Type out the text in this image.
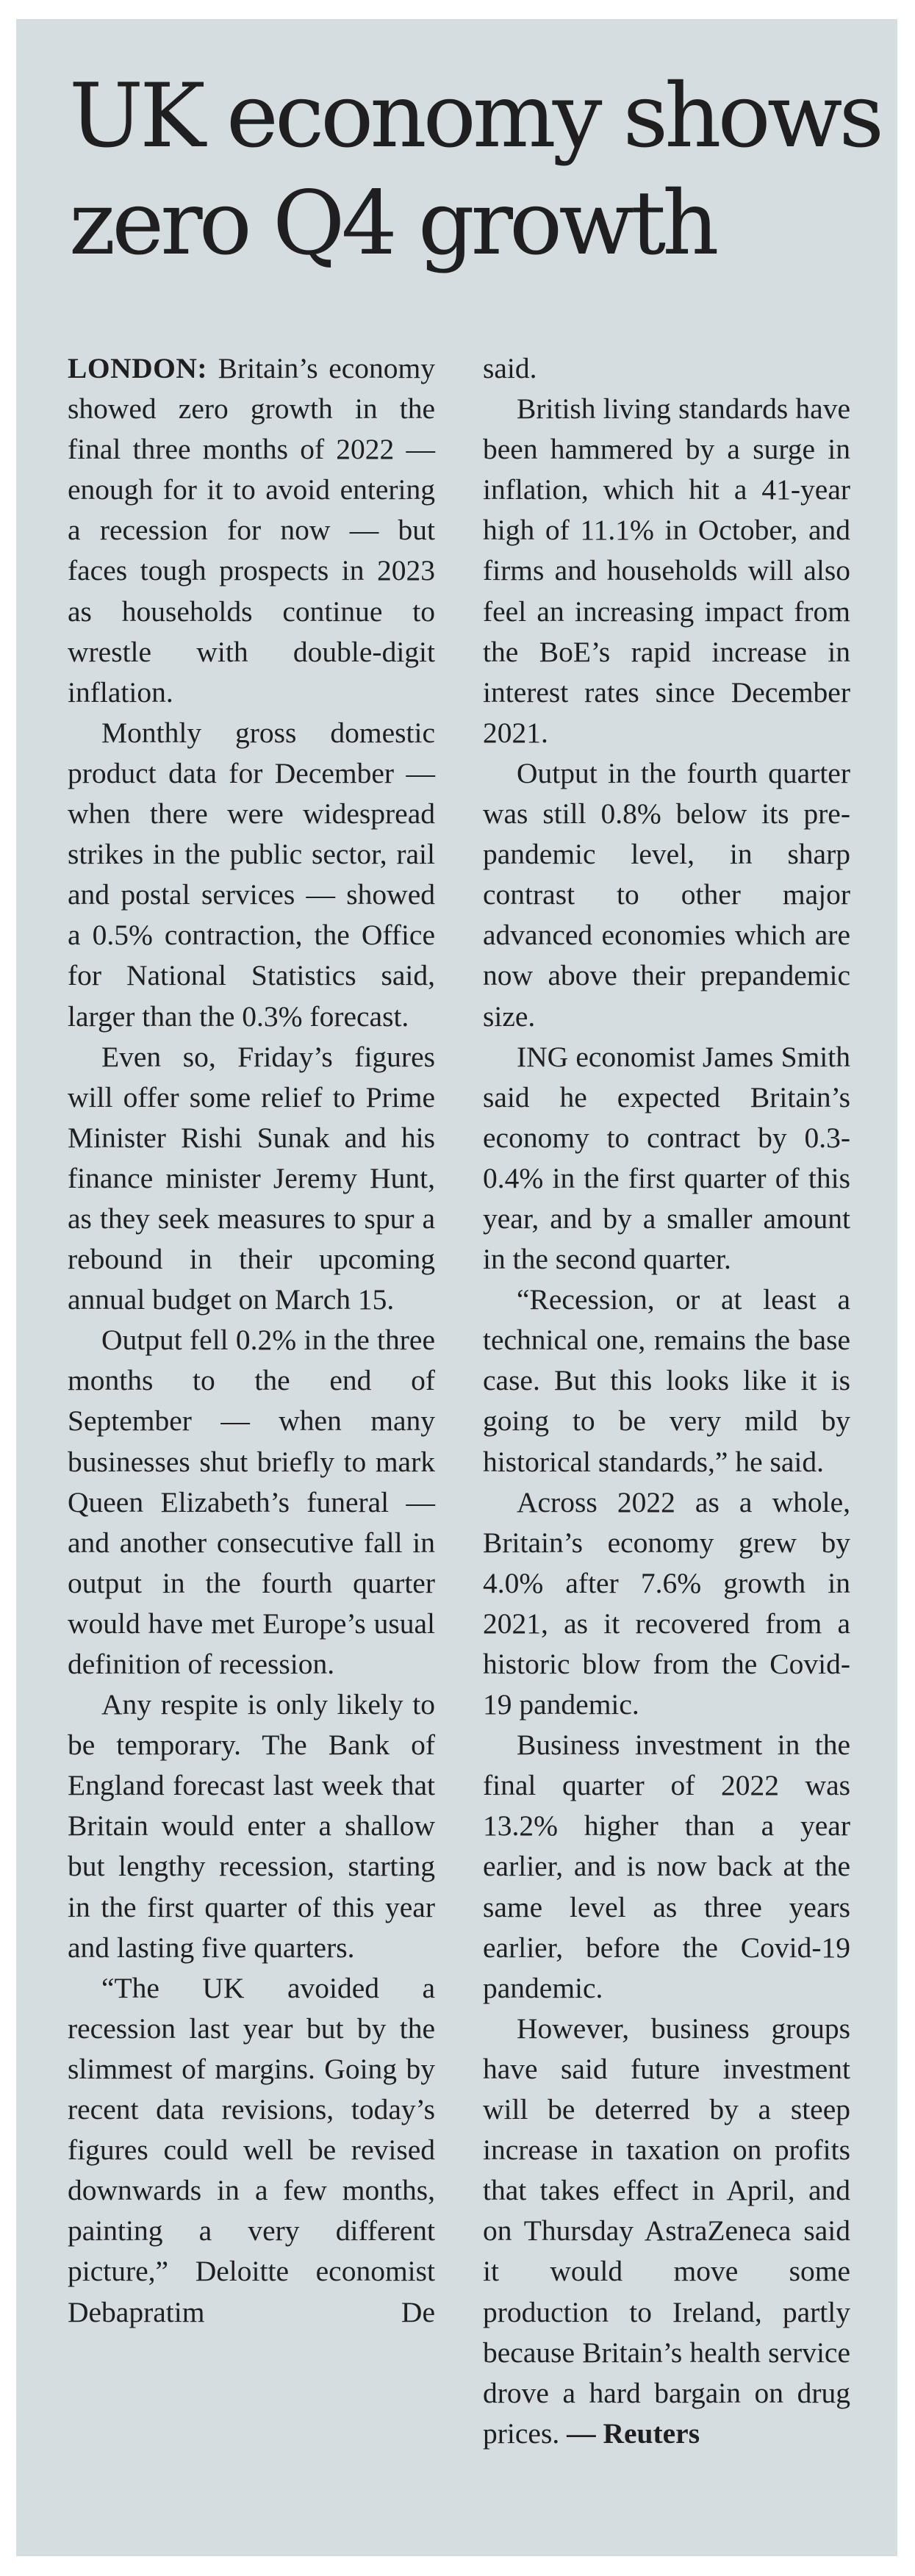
UK economy shows zero Q4 growth

LONDON: Britain’s economy showed zero growth in the final three months of 2022 — enough for it to avoid entering a recession for now — but faces tough prospects in 2023 as households continue to wrestle with double-digit inflation.

Monthly gross domestic product data for December — when there were widespread strikes in the public sector, rail and postal services — showed a 0.5% contraction, the Office for National Statistics said, larger than the 0.3% forecast.

Even so, Friday’s figures will offer some relief to Prime Minister Rishi Sunak and his finance minister Jeremy Hunt, as they seek measures to spur a rebound in their upcoming annual budget on March 15.

Output fell 0.2% in the three months to the end of September — when many businesses shut briefly to mark Queen Elizabeth’s funeral — and another consecutive fall in output in the fourth quarter would have met Europe’s usual definition of recession.

Any respite is only likely to be temporary. The Bank of England forecast last week that Britain would enter a shallow but lengthy recession, starting in the first quarter of this year and lasting five quarters.

“The UK avoided a recession last year but by the slimmest of margins. Going by recent data revisions, today’s figures could well be revised downwards in a few months, painting a very different picture,” Deloitte economist Debapratim De

said.

British living standards have been hammered by a surge in inflation, which hit a 41-year high of 11.1% in October, and firms and households will also feel an increasing impact from the BoE’s rapid increase in interest rates since December 2021.

Output in the fourth quarter was still 0.8% below its pre-pandemic level, in sharp contrast to other major advanced economies which are now above their prepandemic size.

ING economist James Smith said he expected Britain’s economy to contract by 0.3-0.4% in the first quarter of this year, and by a smaller amount in the second quarter.

“Recession, or at least a technical one, remains the base case. But this looks like it is going to be very mild by historical standards,” he said.

Across 2022 as a whole, Britain’s economy grew by 4.0% after 7.6% growth in 2021, as it recovered from a historic blow from the Covid-19 pandemic.

Business investment in the final quarter of 2022 was 13.2% higher than a year earlier, and is now back at the same level as three years earlier, before the Covid-19 pandemic.

However, business groups have said future investment will be deterred by a steep increase in taxation on profits that takes effect in April, and on Thursday AstraZeneca said it would move some production to Ireland, partly because Britain’s health service drove a hard bargain on drug prices. — Reuters
